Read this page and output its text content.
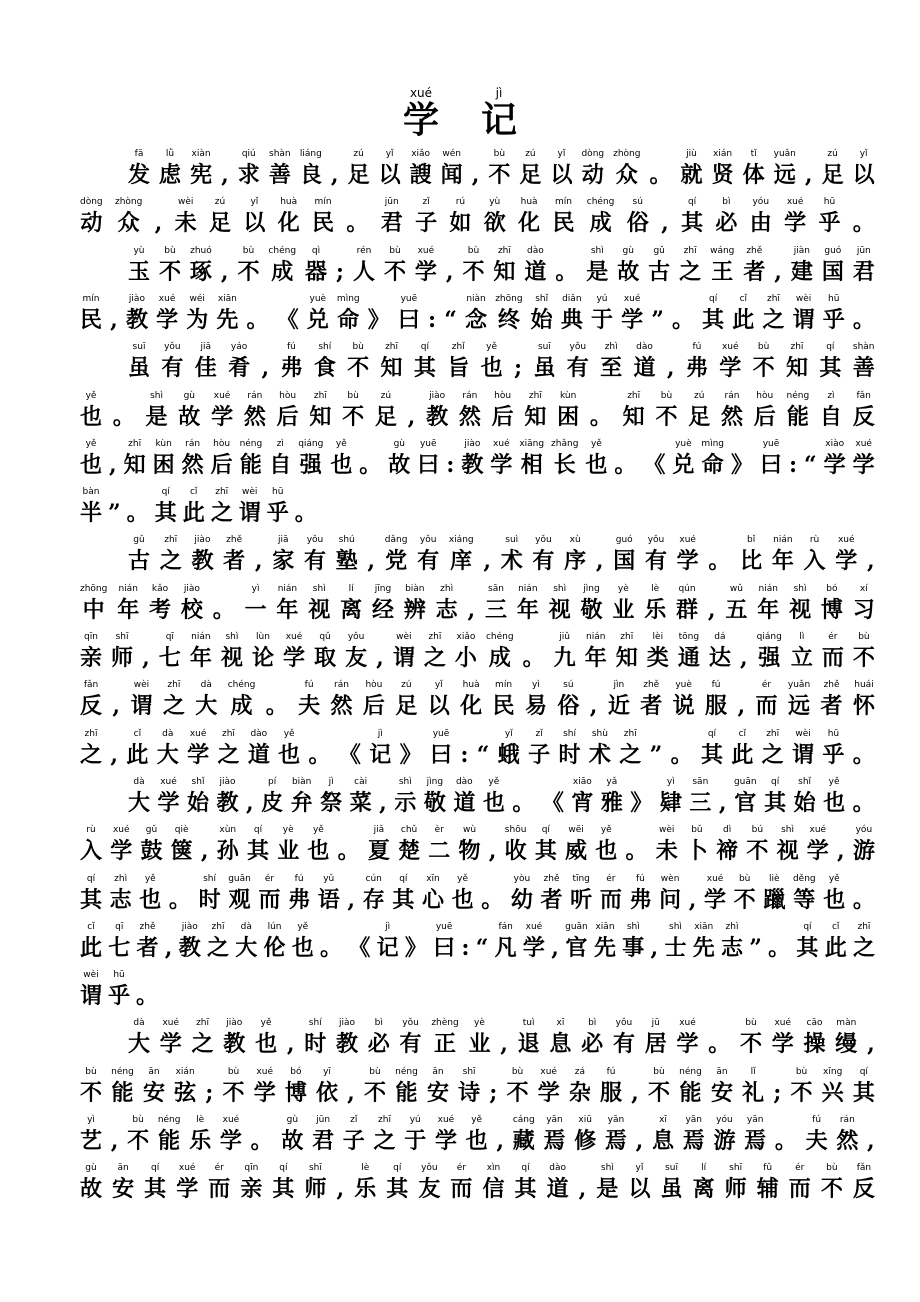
xué
学
jì
记
fā
发
lǜ
虑
xiàn
宪 ,
qiú
求
shàn
善
liáng
良 ,
zú
足
yǐ
以
xiǎo
謏
wén
闻 ,
bù
不
zú
足
yǐ
以
dòng
动
zhòng
众 。
jiù
就
xián
贤
tǐ
体
yuǎn
远 ,
zú
足
yǐ
以
dòng
动
zhòng
众 ,
wèi
未
zú
足
yǐ
以
huà
化
mín
民 。
jūn
君
zǐ
子
rú
如
yù
欲
huà
化
mín
民
chéng
成
sú
俗 ,
qí
其
bì
必
yóu
由
xué
学
hū
乎 。
yù
玉
bù
不
zhuó
琢 ,
bù
不
chéng
成
qì
器 ;
rén
人
bù
不
xué
学 ,
bù
不
zhī
知
dào
道 。
shì
是
gù
故
gǔ
古
zhī
之
wáng
王
zhě
者 ,
jiàn
建
guó
国
jūn
君
mín
民 ,
jiào
教
xué
学
wéi
为
xiān
先 。 《
yuè
兑
mìng
命 》
yuē
曰 : “
niàn
念
zhōng
终
shǐ
始
diǎn
典
yú
于
xué
学 ” 。
qí
其
cǐ
此
zhī
之
wèi
谓
hū
乎 。
suī
虽
yǒu
有
jiā
佳
yáo
肴 ,
fú
弗
shí
食
bù
不
zhī
知
qí
其
zhǐ
旨
yě
也 ;
suī
虽
yǒu
有
zhì
至
dào
道 ,
fú
弗
xué
学
bù
不
zhī
知
qí
其
shàn
善
yě
也 。
shì
是
gù
故
xué
学
rán
然
hòu
后
zhī
知
bù
不
zú
足 ,
jiào
教
rán
然
hòu
后
zhī
知
kùn
困 。
zhī
知
bù
不
zú
足
rán
然
hòu
后
néng
能
zì
自
fǎn
反
yě
也 ,
zhī
知
kùn
困
rán
然
hòu
后
néng
能
zì
自
qiáng
强
yě
也 。
gù
故
yuē
曰 :
jiào
教
xué
学
xiāng
相
zhǎng
长
yě
也 。 《
yuè
兑
mìng
命 》
yuē
曰 : “
xiào
学
xué
学
bàn
半 ” 。
qí
其
cǐ
此
zhī
之
wèi
谓
hū
乎 。
gǔ
古
zhī
之
jiào
教
zhě
者 ,
jiā
家
yǒu
有
shú
塾 ,
dǎng
党
yǒu
有
xiáng
庠 ,
suì
术
yǒu
有
xù
序 ,
guó
国
yǒu
有
xué
学 。
bǐ
比
nián
年
rù
入
xué
学 ,
zhōng
中
nián
年
kǎo
考
jiào
校 。
yì
一
nián
年
shì
视
lí
离
jīng
经
biàn
辨
zhì
志 ,
sān
三
nián
年
shì
视
jìng
敬
yè
业
lè
乐
qún
群 ,
wǔ
五
nián
年
shì
视
bó
博
xí
习
qīn
亲
shī
师 ,
qī
七
nián
年
shì
视
lùn
论
xué
学
qǔ
取
yǒu
友 ,
wèi
谓
zhī
之
xiǎo
小
chéng
成 。
jiǔ
九
nián
年
zhī
知
lèi
类
tōng
通
dá
达 ,
qiáng
强
lì
立
ér
而
bù
不
fǎn
反 ,
wèi
谓
zhī
之
dà
大
chéng
成 。
fú
夫
rán
然
hòu
后
zú
足
yǐ
以
huà
化
mín
民
yì
易
sú
俗 ,
jìn
近
zhě
者
yuè
说
fú
服 ,
ér
而
yuǎn
远
zhě
者
huái
怀
zhī
之 ,
cǐ
此
dà
大
xué
学
zhī
之
dào
道
yě
也 。 《
jì
记 》
yuē
曰 : “
yǐ
蛾
zǐ
子
shí
时
shù
术
zhī
之 ” 。
qí
其
cǐ
此
zhī
之
wèi
谓
hū
乎 。
dà
大
xué
学
shǐ
始
jiào
教 ,
pí
皮
biàn
弁
jì
祭
cài
菜 ,
shì
示
jìng
敬
dào
道
yě
也 。 《
xiāo
宵
yǎ
雅 》
yì
肄
sān
三 ,
guān
官
qí
其
shǐ
始
yě
也 。
rù
入
xué
学
gǔ
鼓
qiè
箧 ,
xùn
孙
qí
其
yè
业
yě
也 。
jiǎ
夏
chǔ
楚
èr
二
wù
物 ,
shōu
收
qí
其
wēi
威
yě
也 。
wèi
未
bǔ
卜
dì
禘
bú
不
shì
视
xué
学 ,
yóu
游
qí
其
zhì
志
yě
也 。
shí
时
guān
观
ér
而
fú
弗
yǔ
语 ,
cún
存
qí
其
xīn
心
yě
也 。
yòu
幼
zhě
者
tīng
听
ér
而
fú
弗
wèn
问 ,
xué
学
bù
不
liè
躐
děng
等
yě
也 。
cǐ
此
qī
七
zhě
者 ,
jiào
教
zhī
之
dà
大
lún
伦
yě
也 。 《
jì
记 》
yuē
曰 : “
fán
凡
xué
学 ,
guān
官
xiān
先
shì
事 ,
shì
士
xiān
先
zhì
志 ” 。
qí
其
cǐ
此
zhī
之
wèi
谓
hū
乎 。
dà
大
xué
学
zhī
之
jiào
教
yě
也 ,
shí
时
jiào
教
bì
必
yǒu
有
zhèng
正
yè
业 ,
tuì
退
xī
息
bì
必
yǒu
有
jū
居
xué
学 。
bù
不
xué
学
cāo
操
màn
缦 ,
bù
不
néng
能
ān
安
xián
弦 ;
bù
不
xué
学
bó
博
yī
依 ,
bù
不
néng
能
ān
安
shī
诗 ;
bù
不
xué
学
zá
杂
fú
服 ,
bù
不
néng
能
ān
安
lǐ
礼 ;
bù
不
xīng
兴
qí
其
yì
艺 ,
bù
不
néng
能
lè
乐
xué
学 。
gù
故
jūn
君
zǐ
子
zhī
之
yú
于
xué
学
yě
也 ,
cáng
藏
yān
焉
xiū
修
yān
焉 ,
xī
息
yān
焉
yóu
游
yān
焉 。
fú
夫
rán
然 ,
gù
故
ān
安
qí
其
xué
学
ér
而
qīn
亲
qí
其
shī
师 ,
lè
乐
qí
其
yǒu
友
ér
而
xìn
信
qí
其
dào
道 ,
shì
是
yǐ
以
suī
虽
lí
离
shī
师
fǔ
辅
ér
而
bù
不
fǎn
反
